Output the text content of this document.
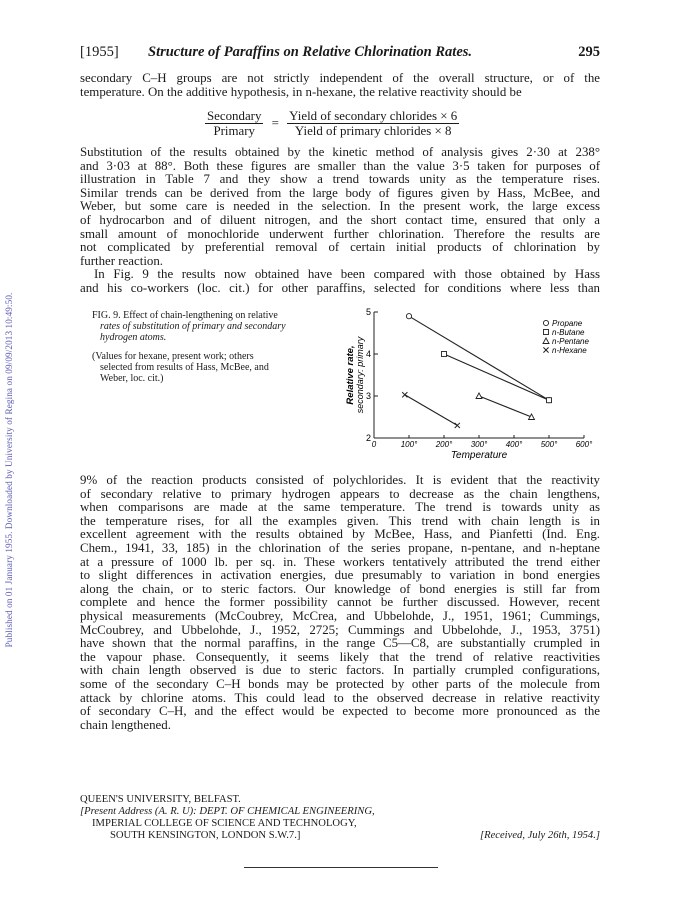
Published on 01 January 1955. Downloaded by University of Regina on 09/09/2013 10:49:50.
[1955] Structure of Paraffins on Relative Chlorination Rates.	295
secondary C–H groups are not strictly independent of the overall structure, or of the
temperature. On the additive hypothesis, in n-hexane, the relative reactivity should be
$\frac{\text{Secondary}}{\text{Primary}} = \frac{\text{Yield of secondary chlorides × 6}}{\text{Yield of primary chlorides × 8}}$
Substitution of the results obtained by the kinetic method of analysis gives 2·30 at 238°
and 3·03 at 88°. Both these figures are smaller than the value 3·5 taken for purposes of
illustration in Table 7 and they show a trend towards unity as the temperature rises.
Similar trends can be derived from the large body of figures given by Hass, McBee, and
Weber, but some care is needed in the selection. In the present work, the large excess
of hydrocarbon and of diluent nitrogen, and the short contact time, ensured that only a
small amount of monochloride underwent further chlorination. Therefore the results are
not complicated by preferential removal of certain initial products of chlorination by
further reaction.
In Fig. 9 the results now obtained have been compared with those obtained by Hass
and his co-workers (loc. cit.) for other paraffins, selected for conditions where less than
FIG. 9. Effect of chain-lengthening on relative
rates of substitution of primary and secondary
hydrogen atoms.
(Values for hexane, present work; others
selected from results of Hass, McBee, and
Weber, loc. cit.)
2
3
4
5
0	100° 200° 300° 400° 500° 600°
Temperature
Relative rate, secondary: primary
Propane
n-Butane
n-Pentane
n-Hexane
9% of the reaction products consisted of polychlorides. It is evident that the reactivity
of secondary relative to primary hydrogen appears to decrease as the chain lengthens,
when comparisons are made at the same temperature. The trend is towards unity as
the temperature rises, for all the examples given. This trend with chain length is in
excellent agreement with the results obtained by McBee, Hass, and Pianfetti (Ind. Eng.
Chem., 1941, 33, 185) in the chlorination of the series propane, n-pentane, and n-heptane
at a pressure of 1000 lb. per sq. in. These workers tentatively attributed the trend either
to slight differences in activation energies, due presumably to variation in bond energies
along the chain, or to steric factors. Our knowledge of bond energies is still far from
complete and hence the former possibility cannot be further discussed. However, recent
physical measurements (McCoubrey, McCrea, and Ubbelohde, J., 1951, 1961; Cummings,
McCoubrey, and Ubbelohde, J., 1952, 2725; Cummings and Ubbelohde, J., 1953, 3751)
have shown that the normal paraffins, in the range C5—C8, are substantially crumpled in
the vapour phase. Consequently, it seems likely that the trend of relative reactivities
with chain length observed is due to steric factors. In partially crumpled configurations,
some of the secondary C–H bonds may be protected by other parts of the molecule from
attack by chlorine atoms. This could lead to the observed decrease in relative reactivity
of secondary C–H, and the effect would be expected to become more pronounced as the
chain lengthened.
QUEEN'S UNIVERSITY, BELFAST.
[Present Address (A. R. U): DEPT. OF CHEMICAL ENGINEERING,
IMPERIAL COLLEGE OF SCIENCE AND TECHNOLOGY,
SOUTH KENSINGTON, LONDON S.W.7.]	[Received, July 26th, 1954.]
